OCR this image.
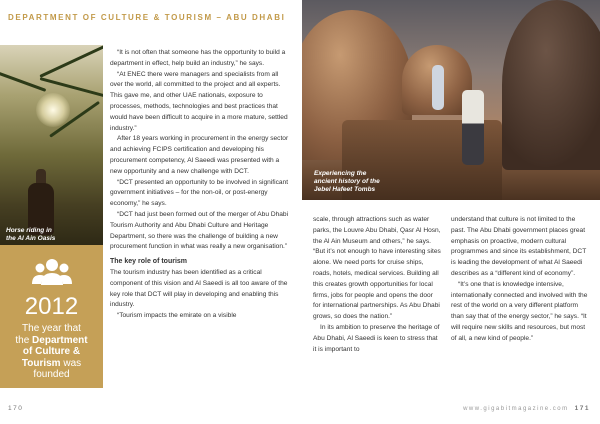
DEPARTMENT OF CULTURE & TOURISM – ABU DHABI
Horse riding in
the Al Ain Oasis
2012
The year that
the Department
of Culture &
Tourism was
founded

“It is not often that someone has the opportunity to build a department in effect, help build an industry,” he says.

“At ENEC there were managers and specialists from all over the world, all committed to the project and all experts. This gave me, and other UAE nationals, exposure to processes, methods, technologies and best practices that would have been difficult to acquire in a more mature, settled industry.”

After 18 years working in procurement in the energy sector and achieving FCIPS certification and developing his procurement competency, Al Saeedi was presented with a new opportunity and a new challenge with DCT.

“DCT presented an opportunity to be involved in significant government initiatives – for the non-oil, or post-energy economy,” he says.

“DCT had just been formed out of the merger of Abu Dhabi Tourism Authority and Abu Dhabi Culture and Heritage Department, so there was the challenge of building a new procurement function in what was really a new organisation.”

The key role of tourism

The tourism industry has been identified as a critical component of this vision and Al Saeedi is all too aware of the key role that DCT will play in developing and enabling this industry.

“Tourism impacts the emirate on a visible

Experiencing the
ancient history of the
Jebel Hafeet Tombs

scale, through attractions such as water parks, the Louvre Abu Dhabi, Qasr Al Hosn, the Al Ain Museum and others,” he says. “But it’s not enough to have interesting sites alone. We need ports for cruise ships, roads, hotels, medical services. Building all this creates growth opportunities for local firms, jobs for people and opens the door for international partnerships. As Abu Dhabi grows, so does the nation.”

In its ambition to preserve the heritage of Abu Dhabi, Al Saeedi is keen to stress that it is important to

understand that culture is not limited to the past. The Abu Dhabi government places great emphasis on proactive, modern cultural programmes and since its establishment, DCT is leading the development of what Al Saeedi describes as a “different kind of economy”.

“It’s one that is knowledge intensive, internationally connected and involved with the rest of the world on a very different platform than say that of the energy sector,” he says. “It will require new skills and resources, but most of all, a new kind of people.”

170	www.gigabitmagazine.com 171
